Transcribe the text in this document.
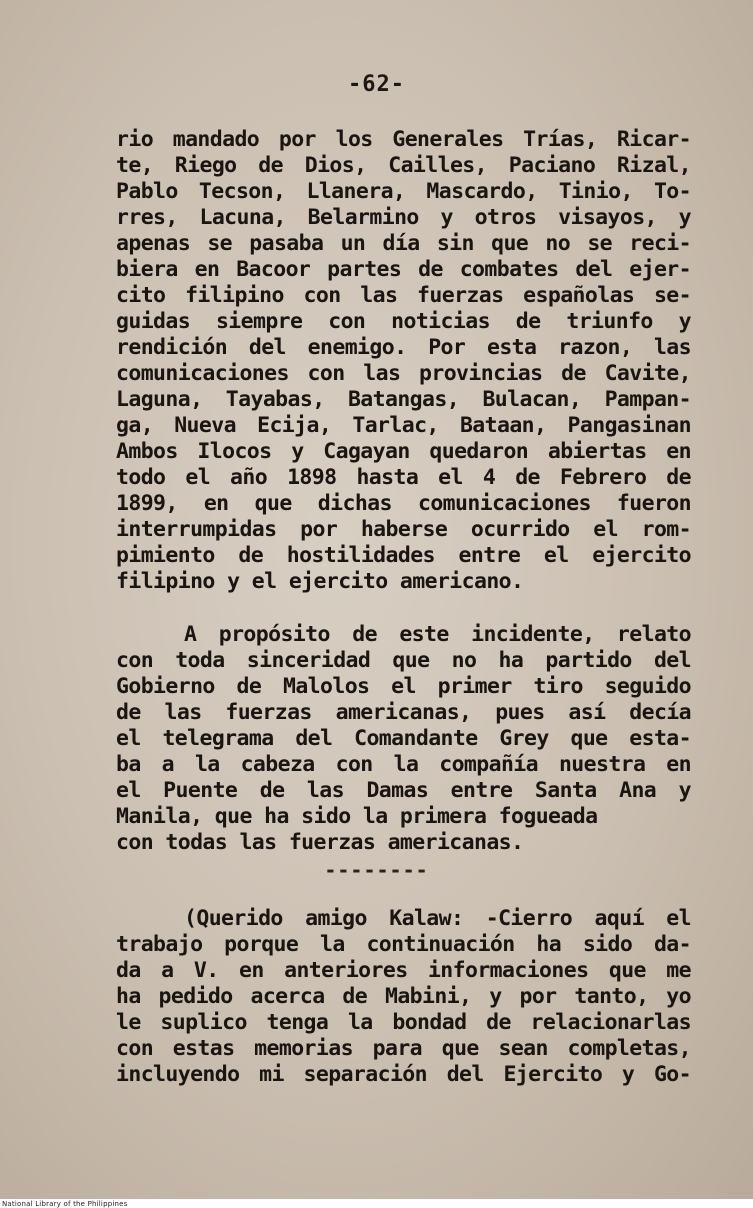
-62-
rio mandado por los Generales Trías, Ricar-
te, Riego de Dios, Cailles, Paciano Rizal,
Pablo Tecson, Llanera, Mascardo, Tinio, To-
rres, Lacuna, Belarmino y otros visayos, y
apenas se pasaba un día sin que no se reci-
biera en Bacoor partes de combates del ejer-
cito filipino con las fuerzas españolas se-
guidas siempre con noticias de triunfo y
rendición del enemigo. Por esta razon, las
comunicaciones con las provincias de Cavite,
Laguna, Tayabas, Batangas, Bulacan, Pampan-
ga, Nueva Ecija, Tarlac, Bataan, Pangasinan
Ambos Ilocos y Cagayan quedaron abiertas en
todo el año 1898 hasta el 4 de Febrero de
1899, en que dichas comunicaciones fueron
interrumpidas por haberse ocurrido el rom-
pimiento de hostilidades entre el ejercito
filipino y el ejercito americano.
A propósito de este incidente, relato
con toda sinceridad que no ha partido del
Gobierno de Malolos el primer tiro seguido
de las fuerzas americanas, pues así decía
el telegrama del Comandante Grey que esta-
ba a la cabeza con la compañía nuestra en
el Puente de las Damas entre Santa Ana y
Manila, que ha sido la primera fogueada
con todas las fuerzas americanas.
--------
(Querido amigo Kalaw: -Cierro aquí el
trabajo porque la continuación ha sido da-
da a V. en anteriores informaciones que me
ha pedido acerca de Mabini, y por tanto, yo
le suplico tenga la bondad de relacionarlas
con estas memorias para que sean completas,
incluyendo mi separación del Ejercito y Go-
National Library of the Philippines
